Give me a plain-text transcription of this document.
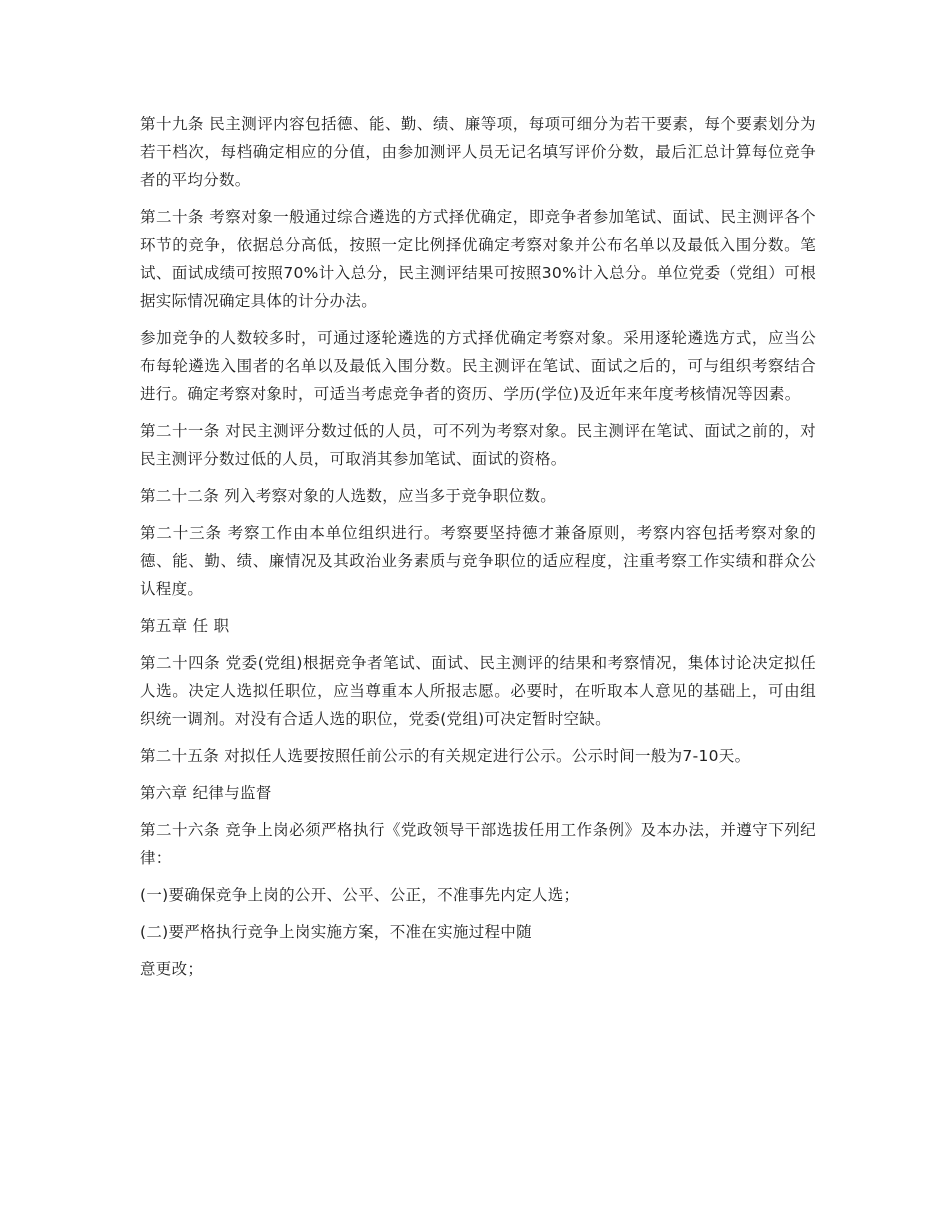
第十九条 民主测评内容包括德、能、勤、绩、廉等项，每项可细分为若干要素，每个要素划分为若干档次，每档确定相应的分值，由参加测评人员无记名填写评价分数，最后汇总计算每位竞争者的平均分数。

第二十条 考察对象一般通过综合遴选的方式择优确定，即竞争者参加笔试、面试、民主测评各个环节的竞争，依据总分高低，按照一定比例择优确定考察对象并公布名单以及最低入围分数。笔试、面试成绩可按照70%计入总分，民主测评结果可按照30%计入总分。单位党委（党组）可根据实际情况确定具体的计分办法。

参加竞争的人数较多时，可通过逐轮遴选的方式择优确定考察对象。采用逐轮遴选方式，应当公布每轮遴选入围者的名单以及最低入围分数。民主测评在笔试、面试之后的，可与组织考察结合进行。确定考察对象时，可适当考虑竞争者的资历、学历(学位)及近年来年度考核情况等因素。

第二十一条 对民主测评分数过低的人员，可不列为考察对象。民主测评在笔试、面试之前的，对民主测评分数过低的人员，可取消其参加笔试、面试的资格。

第二十二条 列入考察对象的人选数，应当多于竞争职位数。

第二十三条 考察工作由本单位组织进行。考察要坚持德才兼备原则，考察内容包括考察对象的德、能、勤、绩、廉情况及其政治业务素质与竞争职位的适应程度，注重考察工作实绩和群众公认程度。

第五章 任 职

第二十四条 党委(党组)根据竞争者笔试、面试、民主测评的结果和考察情况，集体讨论决定拟任人选。决定人选拟任职位，应当尊重本人所报志愿。必要时，在听取本人意见的基础上，可由组织统一调剂。对没有合适人选的职位，党委(党组)可决定暂时空缺。

第二十五条 对拟任人选要按照任前公示的有关规定进行公示。公示时间一般为7-10天。

第六章 纪律与监督

第二十六条 竞争上岗必须严格执行《党政领导干部选拔任用工作条例》及本办法，并遵守下列纪律：

(一)要确保竞争上岗的公开、公平、公正，不准事先内定人选；

(二)要严格执行竞争上岗实施方案，不准在实施过程中随

意更改；
